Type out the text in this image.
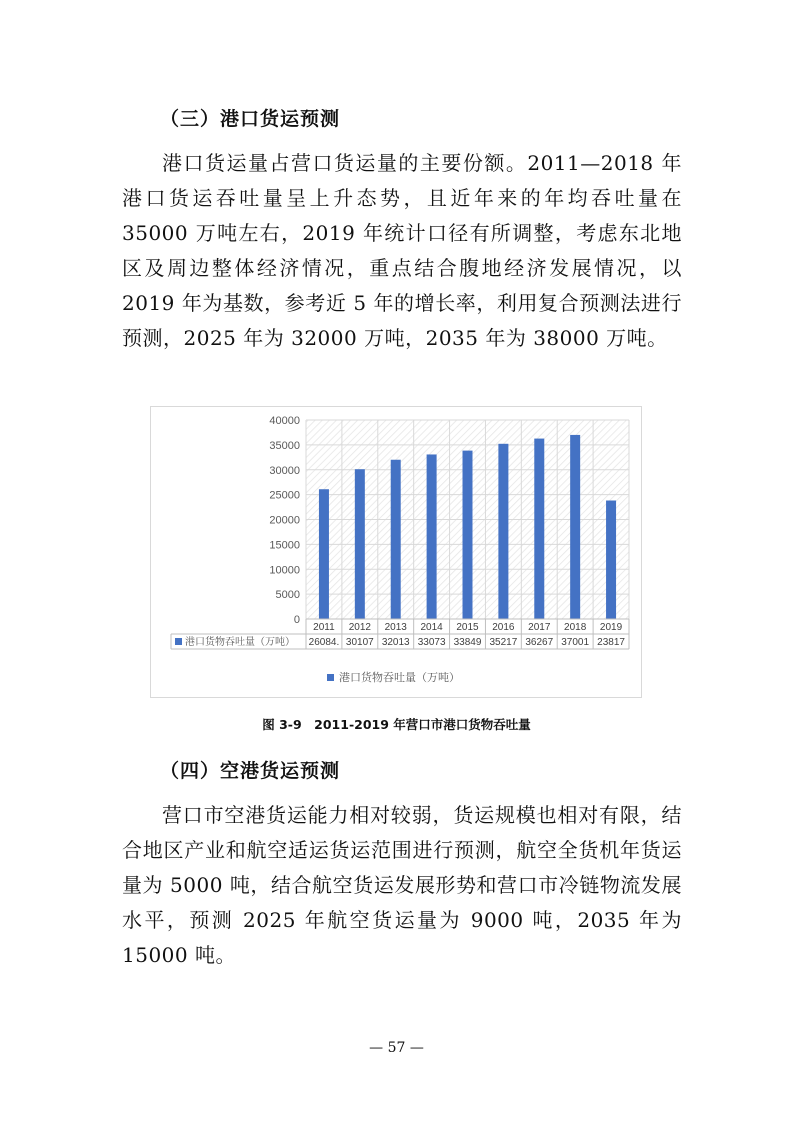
（三）港口货运预测
港口货运量占营口货运量的主要份额。2011—2018 年港口货运吞吐量呈上升态势，且近年来的年均吞吐量在 35000 万吨左右，2019 年统计口径有所调整，考虑东北地区及周边整体经济情况，重点结合腹地经济发展情况，以 2019 年为基数，参考近 5 年的增长率，利用复合预测法进行预测，2025 年为 32000 万吨，2035 年为 38000 万吨。
0
5000
10000
15000
20000
25000
30000
35000
40000
2011 2012 2013 2014 2015 2016 2017 2018 2019
港口货物吞吐量（万吨） 26084. 30107 32013 33073 33849 35217 36267 37001 23817
港口货物吞吐量（万吨）
图 3-9　2011-2019 年营口市港口货物吞吐量
（四）空港货运预测
营口市空港货运能力相对较弱，货运规模也相对有限，结合地区产业和航空适运货运范围进行预测，航空全货机年货运量为 5000 吨，结合航空货运发展形势和营口市冷链物流发展水平，预测 2025 年航空货运量为 9000 吨，2035 年为 15000 吨。
— 57 —
